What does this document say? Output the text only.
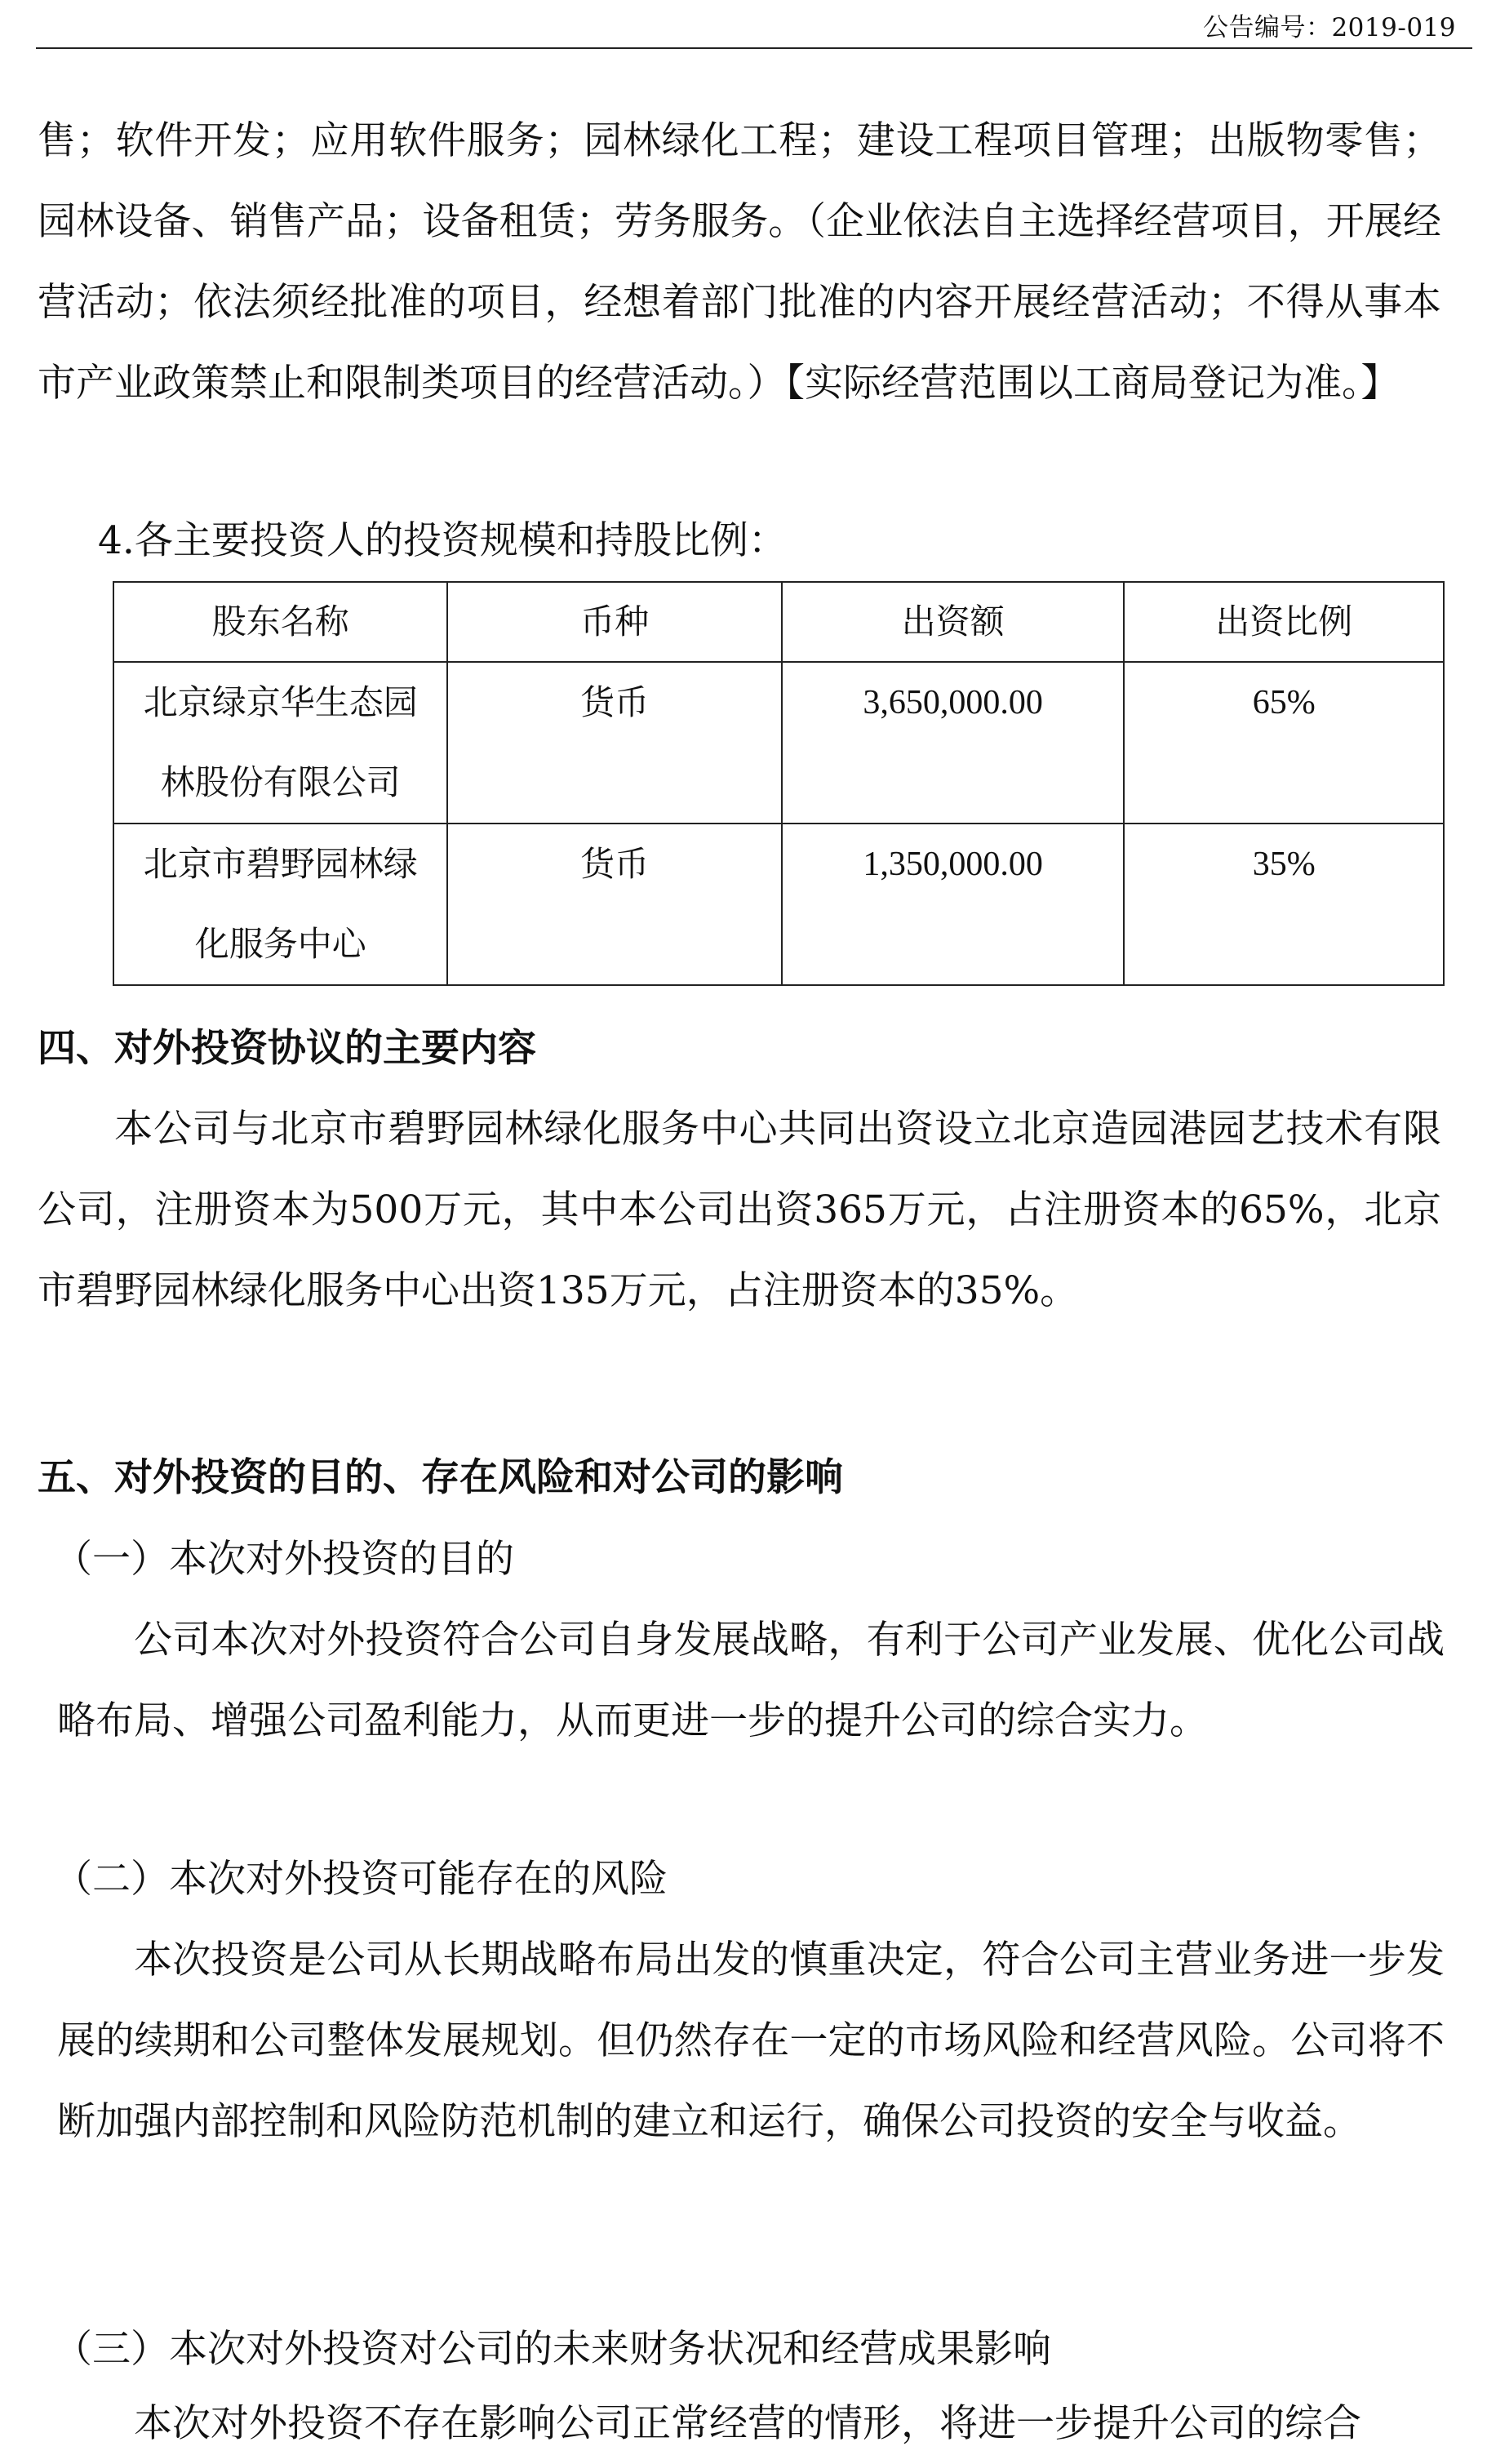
公告编号：2019-019
售；软件开发；应用软件服务；园林绿化工程；建设工程项目管理；出版物零售；园林设备、销售产品；设备租赁；劳务服务。（企业依法自主选择经营项目，开展经营活动；依法须经批准的项目，经想着部门批准的内容开展经营活动；不得从事本市产业政策禁止和限制类项目的经营活动。）【实际经营范围以工商局登记为准。】
4.各主要投资人的投资规模和持股比例：
股东名称	币种	出资额	出资比例
北京绿京华生态园林股份有限公司	货币	3,650,000.00	65%
北京市碧野园林绿化服务中心	货币	1,350,000.00	35%
四、对外投资协议的主要内容
本公司与北京市碧野园林绿化服务中心共同出资设立北京造园港园艺技术有限公司，注册资本为500万元，其中本公司出资365万元，占注册资本的65%，北京市碧野园林绿化服务中心出资135万元，占注册资本的35%。
五、对外投资的目的、存在风险和对公司的影响
（一）本次对外投资的目的
公司本次对外投资符合公司自身发展战略，有利于公司产业发展、优化公司战略布局、增强公司盈利能力，从而更进一步的提升公司的综合实力。
（二）本次对外投资可能存在的风险
本次投资是公司从长期战略布局出发的慎重决定，符合公司主营业务进一步发展的续期和公司整体发展规划。但仍然存在一定的市场风险和经营风险。公司将不断加强内部控制和风险防范机制的建立和运行，确保公司投资的安全与收益。
（三）本次对外投资对公司的未来财务状况和经营成果影响
本次对外投资不存在影响公司正常经营的情形，将进一步提升公司的综合
